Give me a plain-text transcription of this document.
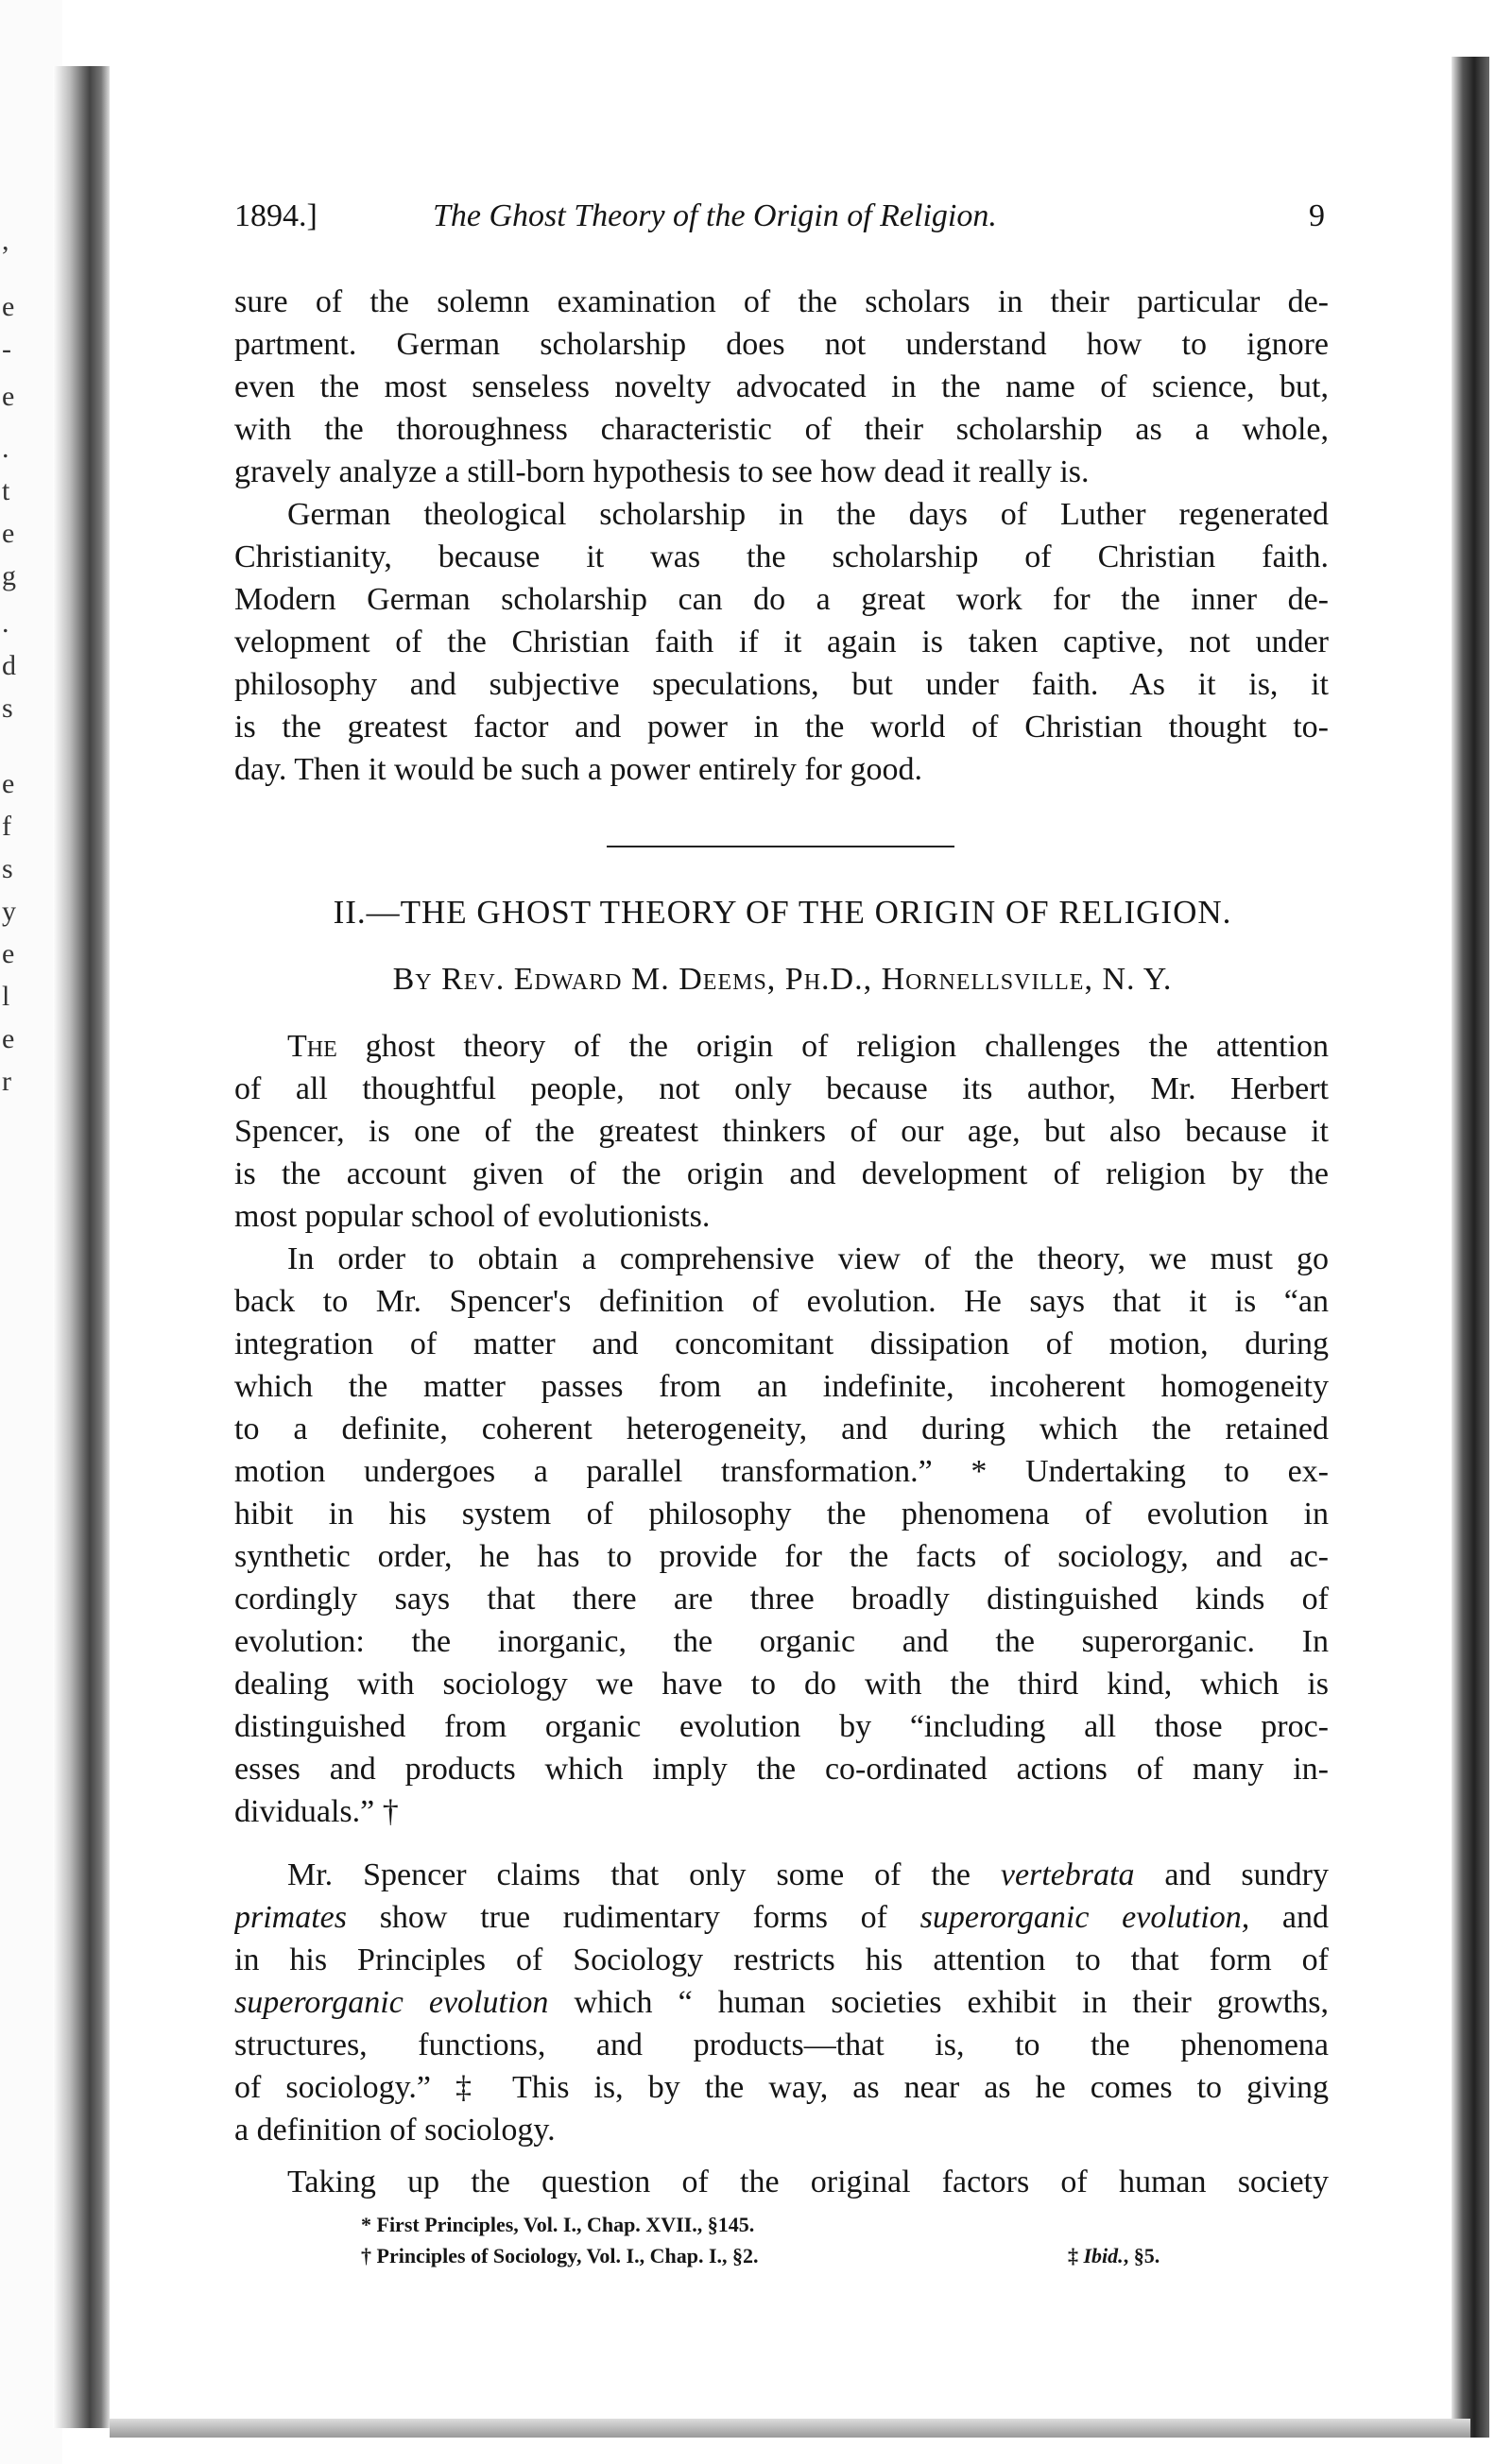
,
e
-
e
.
t
e
g
.
d
s
e
f
s
y
e
l
e
r
1894.]	The Ghost Theory of the Origin of Religion.	9

sure of the solemn examination of the scholars in their particular de-

partment. German scholarship does not understand how to ignore

even the most senseless novelty advocated in the name of science, but,

with the thoroughness characteristic of their scholarship as a whole,

gravely analyze a still-born hypothesis to see how dead it really is.

German theological scholarship in the days of Luther regenerated

Christianity, because it was the scholarship of Christian faith.

Modern German scholarship can do a great work for the inner de-

velopment of the Christian faith if it again is taken captive, not under

philosophy and subjective speculations, but under faith. As it is, it

is the greatest factor and power in the world of Christian thought to-

day. Then it would be such a power entirely for good.

II.—THE GHOST THEORY OF THE ORIGIN OF RELIGION.

By Rev. Edward M. Deems, Ph.D., Hornellsville, N. Y.

The ghost theory of the origin of religion challenges the attention

of all thoughtful people, not only because its author, Mr. Herbert

Spencer, is one of the greatest thinkers of our age, but also because it

is the account given of the origin and development of religion by the

most popular school of evolutionists.

In order to obtain a comprehensive view of the theory, we must go

back to Mr. Spencer's definition of evolution. He says that it is “an

integration of matter and concomitant dissipation of motion, during

which the matter passes from an indefinite, incoherent homogeneity

to a definite, coherent heterogeneity, and during which the retained

motion undergoes a parallel transformation.” * Undertaking to ex-

hibit in his system of philosophy the phenomena of evolution in

synthetic order, he has to provide for the facts of sociology, and ac-

cordingly says that there are three broadly distinguished kinds of

evolution: the inorganic, the organic and the superorganic. In

dealing with sociology we have to do with the third kind, which is

distinguished from organic evolution by “including all those proc-

esses and products which imply the co-ordinated actions of many in-

dividuals.” †

Mr. Spencer claims that only some of the vertebrata and sundry

primates show true rudimentary forms of superorganic evolution, and

in his Principles of Sociology restricts his attention to that form of

superorganic evolution which “ human societies exhibit in their growths,

structures, functions, and products—that is, to the phenomena

of sociology.” ‡ This is, by the way, as near as he comes to giving

a definition of sociology.

Taking up the question of the original factors of human society

* First Principles, Vol. I., Chap. XVII., §145.

† Principles of Sociology, Vol. I., Chap. I., §2.	‡ Ibid., §5.
